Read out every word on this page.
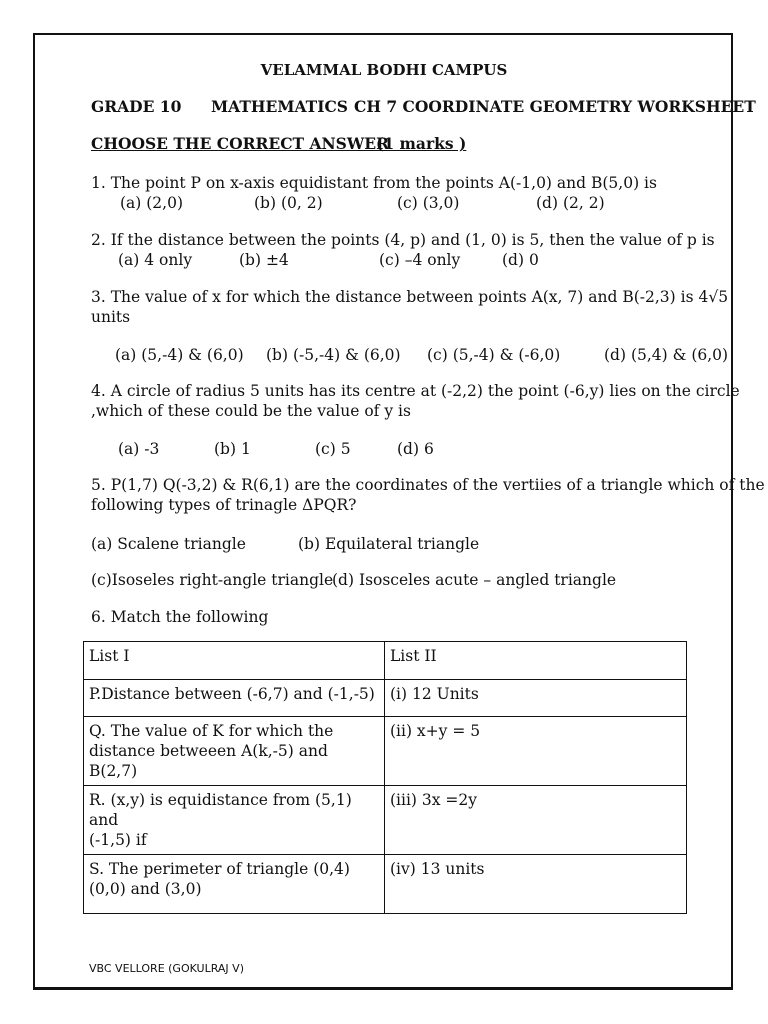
VELAMMAL BODHI CAMPUS
GRADE 10 MATHEMATICS CH 7 COORDINATE GEOMETRY WORKSHEET
CHOOSE THE CORRECT ANSWER
(1 marks )
1. The point P on x-axis equidistant from the points A(-1,0) and B(5,0) is
(a) (2,0)	(b) (0, 2)	(c) (3,0)	(d) (2, 2)
2. If the distance between the points (4, p) and (1, 0) is 5, then the value of p is
(a) 4 only	(b) ±4	(c) –4 only	(d) 0
3. The value of x for which the distance between points A(x, 7) and B(-2,3) is 4√5
units
(a) (5,-4) & (6,0) (b) (-5,-4) & (6,0) (c) (5,-4) & (-6,0)	(d) (5,4) & (6,0)
4. A circle of radius 5 units has its centre at (-2,2) the point (-6,y) lies on the circle
,which of these could be the value of y is
(a) -3	(b) 1	(c) 5	(d) 6
5. P(1,7) Q(-3,2) & R(6,1) are the coordinates of the vertiies of a triangle which of the
following types of trinagle ΔPQR?
(a) Scalene triangle	(b) Equilateral triangle
(c)Isoseles right-angle triangle
(d) Isosceles acute – angled triangle
6. Match the following
List I	List II
P.Distance between (-6,7) and (-1,-5)	(i) 12 Units
Q. The value of K for which the
distance betweeen A(k,-5) and B(2,7)	(ii) x+y = 5
R. (x,y) is equidistance from (5,1) and
(-1,5) if	(iii) 3x =2y
S. The perimeter of triangle (0,4)
(0,0) and (3,0)	(iv) 13 units
VBC VELLORE (GOKULRAJ V)
